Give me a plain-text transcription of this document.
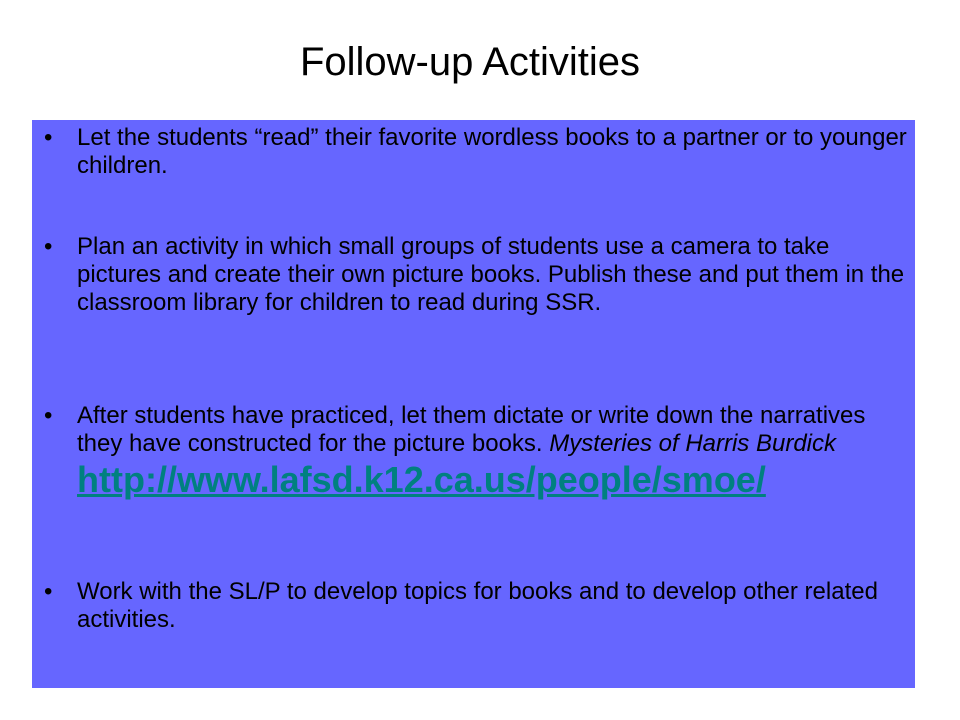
Follow-up Activities
• Let the students “read” their favorite wordless books to a partner or to younger children.
• Plan an activity in which small groups of students use a camera to take pictures and create their own picture books. Publish these and put them in the classroom library for children to read during SSR.
• After students have practiced, let them dictate or write down the narratives they have constructed for the picture books. Mysteries of Harris Burdick
http://www.lafsd.k12.ca.us/people/smoe/
• Work with the SL/P to develop topics for books and to develop other related activities.
